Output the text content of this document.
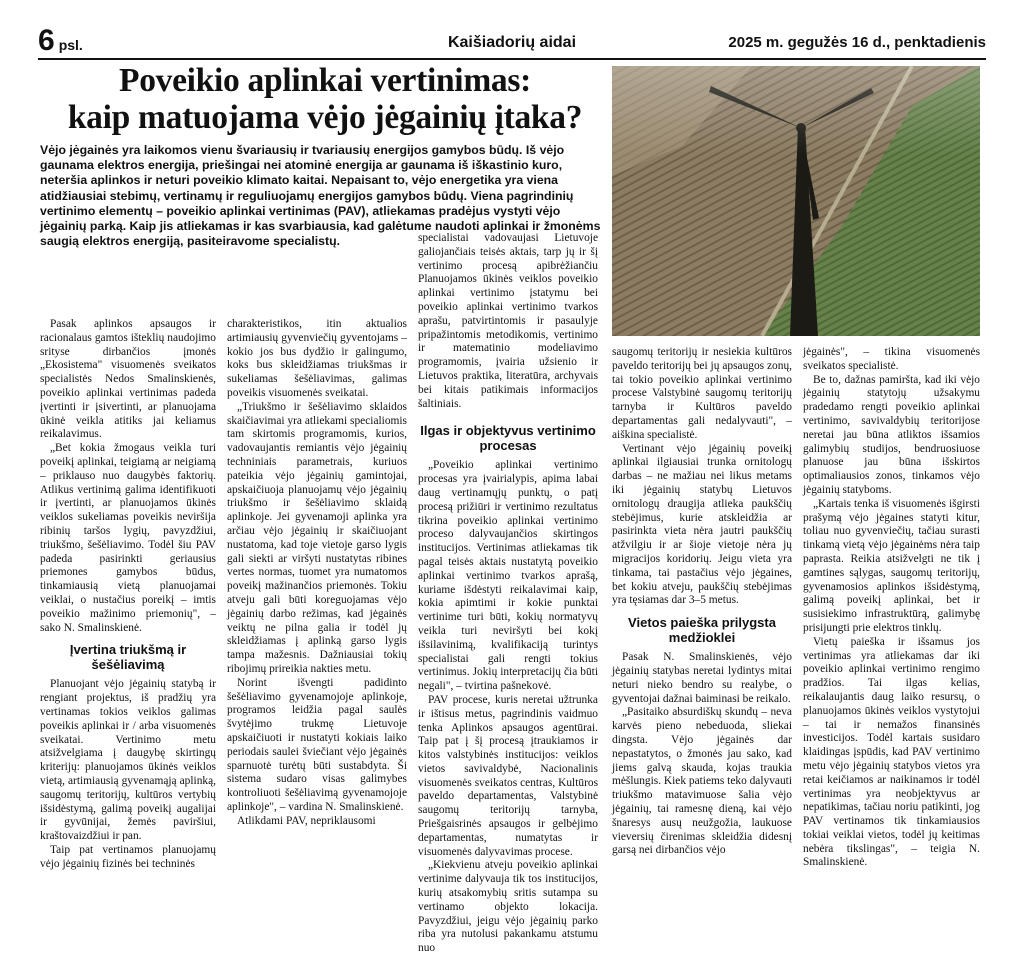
6 psl.	Kaišiadorių aidai	2025 m. gegužės 16 d., penktadienis
Poveikio aplinkai vertinimas:
kaip matuojama vėjo jėgainių įtaka?

Vėjo jėgainės yra laikomos vienu švariausių ir tvariausių energijos gamybos būdų. Iš vėjo gaunama elektros energija, priešingai nei atominė energija ar gaunama iš iškastinio kuro, neteršia aplinkos ir neturi poveikio klimato kaitai. Nepaisant to, vėjo energetika yra viena atidžiausiai stebimų, vertinamų ir reguliuojamų energijos gamybos būdų. Viena pagrindinių vertinimo elementų – poveikio aplinkai vertinimas (PAV), atliekamas pradėjus vystyti vėjo jėgainių parką. Kaip jis atliekamas ir kas svarbiausia, kad galėtume naudoti aplinkai ir žmonėms saugią elektros energiją, pasiteiravome specialistų.

Pasak aplinkos apsaugos ir racionalaus gamtos išteklių naudojimo srityse dirbančios įmonės „Ekosistema" visuomenės sveikatos specialistės Nedos Smalinskienės, poveikio aplinkai vertinimas padeda įvertinti ir įsivertinti, ar planuojama ūkinė veikla atitiks jai keliamus reikalavimus.

„Bet kokia žmogaus veikla turi poveikį aplinkai, teigiamą ar neigiamą – priklauso nuo daugybės faktorių. Atlikus vertinimą galima identifikuoti ir įvertinti, ar planuojamos ūkinės veiklos sukeliamas poveikis neviršija ribinių taršos lygių, pavyzdžiui, triukšmo, šešėliavimo. Todėl šiu PAV padeda pasirinkti geriausius priemones gamybos būdus, tinkamiausią vietą planuojamai veiklai, o nustačius poreikį – imtis poveikio mažinimo priemonių", – sako N. Smalinskienė.

Įvertina triukšmą ir šešėliavimą

Planuojant vėjo jėgainių statybą ir rengiant projektus, iš pradžių yra vertinamas tokios veiklos galimas poveikis aplinkai ir / arba visuomenės sveikatai. Vertinimo metu atsižvelgiama į daugybę skirtingų kriterijų: planuojamos ūkinės veiklos vietą, artimiausią gyvenamąją aplinką, saugomų teritorijų, kultūros vertybių išsidėstymą, galimą poveikį augalijai ir gyvūnijai, žemės paviršiui, kraštovaizdžiui ir pan.

Taip pat vertinamos planuojamų vėjo jėgainių fizinės bei techninės

charakteristikos, itin aktualios artimiausių gyvenviečių gyventojams – kokio jos bus dydžio ir galingumo, koks bus skleidžiamas triukšmas ir sukeliamas šešėliavimas, galimas poveikis visuomenės sveikatai.

„Triukšmo ir šešėliavimo sklaidos skaičiavimai yra atliekami specialiomis tam skirtomis programomis, kurios, vadovaujantis remiantis vėjo jėgainių techniniais parametrais, kuriuos pateikia vėjo jėgainių gamintojai, apskaičiuoja planuojamų vėjo jėgainių triukšmo ir šešėliavimo sklaidą aplinkoje. Jei gyvenamoji aplinka yra arčiau vėjo jėgainių ir skaičiuojant nustatoma, kad toje vietoje garso lygis gali siekti ar viršyti nustatytas ribines vertes normas, tuomet yra numatomos poveikį mažinančios priemonės. Tokiu atveju gali būti koreguojamas vėjo jėgainių darbo režimas, kad jėgainės veiktų ne pilna galia ir todėl jų skleidžiamas į aplinką garso lygis tampa mažesnis. Dažniausiai tokių ribojimų prireikia nakties metu.

Norint išvengti padidinto šešėliavimo gyvenamojoje aplinkoje, programos leidžia pagal saulės švytėjimo trukmę Lietuvoje apskaičiuoti ir nustatyti kokiais laiko periodais saulei šviečiant vėjo jėgainės sparnuotė turėtų būti sustabdyta. Ši sistema sudaro visas galimybes kontroliuoti šešėliavimą gyvenamojoje aplinkoje", – vardina N. Smalinskienė.

Atlikdami PAV, nepriklausomi

specialistai vadovaujasi Lietuvoje galiojančiais teisės aktais, tarp jų ir šį vertinimo procesą apibrėžiančiu Planuojamos ūkinės veiklos poveikio aplinkai vertinimo įstatymu bei poveikio aplinkai vertinimo tvarkos aprašu, patvirtintomis ir pasaulyje pripažintomis metodikomis, vertinimo ir matematinio modeliavimo programomis, įvairia užsienio ir Lietuvos praktika, literatūra, archyvais bei kitais patikimais informacijos šaltiniais.

Ilgas ir objektyvus vertinimo procesas

„Poveikio aplinkai vertinimo procesas yra įvairialypis, apima labai daug vertinamųjų punktų, o patį procesą prižiūri ir vertinimo rezultatus tikrina poveikio aplinkai vertinimo proceso dalyvaujančios skirtingos institucijos. Vertinimas atliekamas tik pagal teisės aktais nustatytą poveikio aplinkai vertinimo tvarkos aprašą, kuriame išdėstyti reikalavimai kaip, kokia apimtimi ir kokie punktai vertinime turi būti, kokių normatyvų veikla turi neviršyti bei kokį išsilavinimą, kvalifikaciją turintys specialistai gali rengti tokius vertinimus. Jokių interpretacijų čia būti negali", – tvirtina pašnekovė.

PAV procese, kuris neretai užtrunka ir ištisus metus, pagrindinis vaidmuo tenka Aplinkos apsaugos agentūrai. Taip pat į šį procesą įtraukiamos ir kitos valstybinės institucijos: veiklos vietos savivaldybė, Nacionalinis visuomenės sveikatos centras, Kultūros paveldo departamentas, Valstybinė saugomų teritorijų tarnyba, Priešgaisrinės apsaugos ir gelbėjimo departamentas, numatytas ir visuomenės dalyvavimas procese.

„Kiekvienu atveju poveikio aplinkai vertinime dalyvauja tik tos institucijos, kurių atsakomybių sritis sutampa su vertinamo objekto lokacija. Pavyzdžiui, jeigu vėjo jėgainių parko riba yra nutolusi pakankamu atstumu nuo

saugomų teritorijų ir nesiekia kultūros paveldo teritorijų bei jų apsaugos zonų, tai tokio poveikio aplinkai vertinimo procese Valstybinė saugomų teritorijų tarnyba ir Kultūros paveldo departamentas gali nedalyvauti", – aiškina specialistė.

Vertinant vėjo jėgainių poveikį aplinkai ilgiausiai trunka ornitologų darbas – ne mažiau nei likus metams iki jėgainių statybų Lietuvos ornitologų draugija atlieka paukščių stebėjimus, kurie atskleidžia ar pasirinkta vieta nėra jautri paukščių atžvilgiu ir ar šioje vietoje nėra jų migracijos koridorių. Jeigu vieta yra tinkama, tai pastačius vėjo jėgaines, bet kokiu atveju, paukščių stebėjimas yra tęsiamas dar 3–5 metus.

Vietos paieška prilygsta medžioklei

Pasak N. Smalinskienės, vėjo jėgainių statybas neretai lydintys mitai neturi nieko bendro su realybe, o gyventojai dažnai baiminasi be reikalo.

„Pasitaiko absurdiškų skundų – neva karvės pieno nebeduoda, sliekai dingsta. Vėjo jėgainės dar nepastatytos, o žmonės jau sako, kad jiems galvą skauda, kojas traukia mėšlungis. Kiek patiems teko dalyvauti triukšmo matavimuose šalia vėjo jėgainių, tai ramesnę dieną, kai vėjo šnaresys ausų neužgožia, laukuose vieversių čirenimas skleidžia didesnį garsą nei dirbančios vėjo

jėgainės", – tikina visuomenės sveikatos specialistė.

Be to, dažnas pamiršta, kad iki vėjo jėgainių statytojų užsakymu pradedamo rengti poveikio aplinkai vertinimo, savivaldybių teritorijose neretai jau būna atliktos išsamios galimybių studijos, bendruosiuose planuose jau būna išskirtos optimaliausios zonos, tinkamos vėjo jėgainių statyboms.

„Kartais tenka iš visuomenės išgirsti prašymą vėjo jėgaines statyti kitur, toliau nuo gyvenviečių, tačiau surasti tinkamą vietą vėjo jėgainėms nėra taip paprasta. Reikia atsižvelgti ne tik į gamtines sąlygas, saugomų teritorijų, gyvenamosios aplinkos išsidėstymą, galimą poveikį aplinkai, bet ir susisiekimo infrastruktūrą, galimybę prisijungti prie elektros tinklų.

Vietų paieška ir išsamus jos vertinimas yra atliekamas dar iki poveikio aplinkai vertinimo rengimo pradžios. Tai ilgas kelias, reikalaujantis daug laiko resursų, o planuojamos ūkinės veiklos vystytojui – tai ir nemažos finansinės investicijos. Todėl kartais susidaro klaidingas įspūdis, kad PAV vertinimo metu vėjo jėgainių statybos vietos yra retai keičiamos ar naikinamos ir todėl vertinimas yra neobjektyvus ar nepatikimas, tačiau noriu patikinti, jog PAV vertinamos tik tinkamiausios tokiai veiklai vietos, todėl jų keitimas nebėra tikslingas", – teigia N. Smalinskienė.
